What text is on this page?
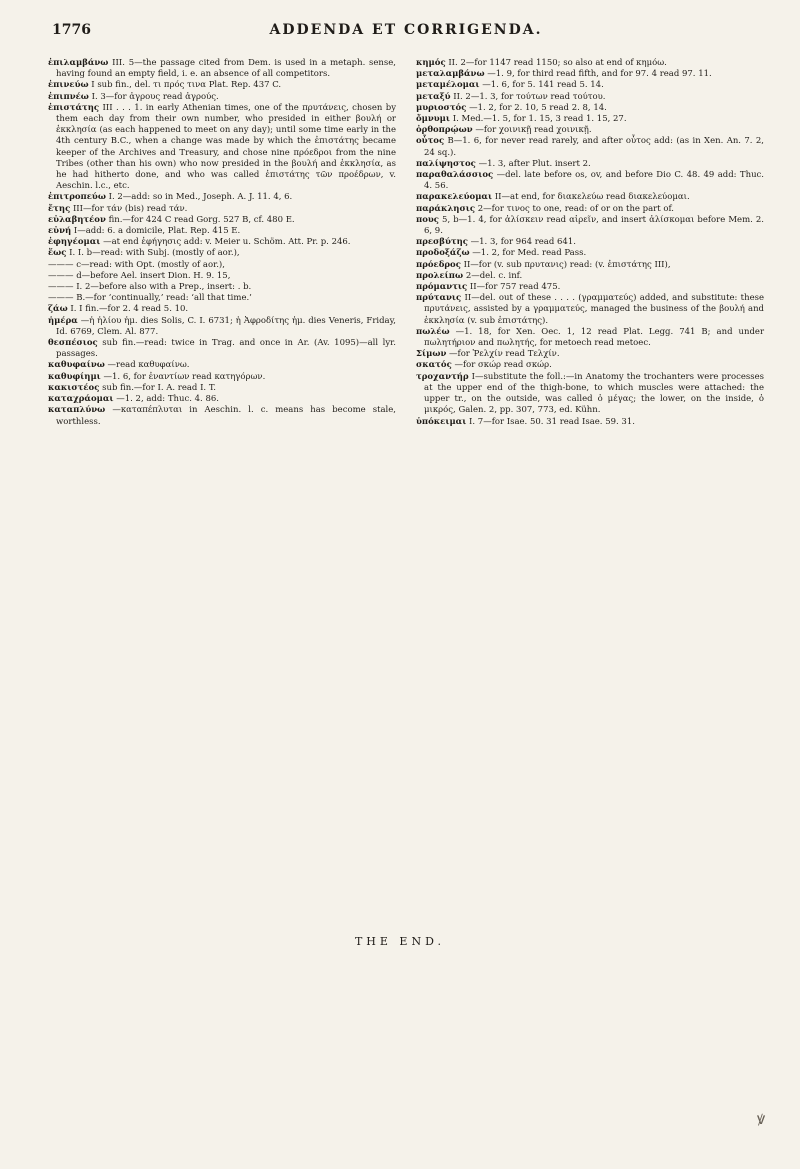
1776	ADDENDA ET CORRIGENDA.

ἐπιλαμβάνω III. 5—the passage cited from Dem. is used in a metaph. sense, having found an empty field, i. e. an absence of all competitors.

ἐπινεύω I sub fin., del. τι πρός τινα Plat. Rep. 437 C.

ἐπιπνέω I. 3—for ἀγρους read ἀγρούς.

ἐπιστάτης III . . . 1. in early Athenian times, one of the πρυτάνεις, chosen by them each day from their own number, who presided in either βουλή or ἐκκλησία (as each happened to meet on any day); until some time early in the 4th century B.C., when a change was made by which the ἐπιστάτης became keeper of the Archives and Treasury, and chose nine πρόεδροι from the nine Tribes (other than his own) who now presided in the βουλή and ἐκκλησία, as he had hitherto done, and who was called ἐπιστάτης τῶν προέδρων, v. Aeschin. l.c., etc.

ἐπιτροπεύω I. 2—add: so in Med., Joseph. A. J. 11. 4, 6.

ἔτης III—for τάν (bis) read τάν.

εὐλαβητέον fin.—for 424 C read Gorg. 527 B, cf. 480 E.

εὐνή I—add: 6. a domicile, Plat. Rep. 415 E.

ἐφηγέομαι —at end ἐφήγησις add: v. Meier u. Schöm. Att. Pr. p. 246.

ἕως I. I. b—read: with Subj. (mostly of aor.),

——— c—read: with Opt. (mostly of aor.),

——— d—before Ael. insert Dion. H. 9. 15,

——— I. 2—before also with a Prep., insert: . b.

——— B.—for ‘continually,’ read: ‘all that time.’

ζάω I. I fin.—for 2. 4 read 5. 10.

ἡμέρα —ἡ ἡλίου ἡμ. dies Solis, C. I. 6731; ἡ Ἀφροδίτης ἡμ. dies Veneris, Friday, Id. 6769, Clem. Al. 877.

θεσπέσιος sub fin.—read: twice in Trag. and once in Ar. (Av. 1095)—all lyr. passages.

καθυφαίνω —read καθυφαίνω.

καθυφίημι —1. 6, for ἐναντίων read κατηγόρων.

κακιστέος sub fin.—for I. A. read I. T.

καταχράομαι —1. 2, add: Thuc. 4. 86.

καταπλύνω —καταπέπλυται in Aeschin. l. c. means has become stale, worthless.

κημός II. 2—for 1147 read 1150; so also at end of κημόω.

μεταλαμβάνω —1. 9, for third read fifth, and for 97. 4 read 97. 11.

μεταμέλομαι —1. 6, for 5. 141 read 5. 14.

μεταξύ II. 2—1. 3, for τούτων read τούτου.

μυριοστός —1. 2, for 2. 10, 5 read 2. 8, 14.

ὄμνυμι I. Med.—1. 5, for 1. 15, 3 read 1. 15, 27.

ὀρθοπρῴων —for χοινικῇ read χοινικῇ.

οὗτος B—1. 6, for never read rarely, and after οὗτος add: (as in Xen. An. 7. 2, 24 sq.).

παλίψηστος —1. 3, after Plut. insert 2.

παραθαλάσσιος —del. late before os, ov, and before Dio C. 48. 49 add: Thuc. 4. 56.

παρακελεύομαι II—at end, for διακελεύω read διακελεύομαι.

παράκλησις 2—for τινος to one, read: of or on the part of.

πους 5, b—1. 4, for ἀλίσκειν read αἱρεῖν, and insert ἀλίσκομαι before Mem. 2. 6, 9.

πρεσβύτης —1. 3, for 964 read 641.

προδοξάζω —1. 2, for Med. read Pass.

πρόεδρος II—for (v. sub πρυτανις) read: (v. ἐπιστάτης III),

προλείπω 2—del. c. inf.

πρόμαντις II—for 757 read 475.

πρύτανις II—del. out of these . . . . (γραμματεύς) added, and substitute: these πρυτάνεις, assisted by a γραμματεύς, managed the business of the βουλή and ἐκκλησία (v. sub ἐπιστάτης).

πωλέω —1. 18, for Xen. Oec. 1, 12 read Plat. Legg. 741 B; and under πωλητήριον and πωλητής, for metoech read metoec.

Σίμων —for Ῥελχίν read Τελχίν.

σκατός —for σκώρ read σκώρ.

τροχαντήρ I—substitute the foll.:—in Anatomy the trochanters were processes at the upper end of the thigh-bone, to which muscles were attached: the upper tr., on the outside, was called ὁ μέγας; the lower, on the inside, ὁ μικρός, Galen. 2, pp. 307, 773, ed. Kühn.

ὑπόκειμαι I. 7—for Isae. 50. 31 read Isae. 59. 31.

THE END.
ꝟ
